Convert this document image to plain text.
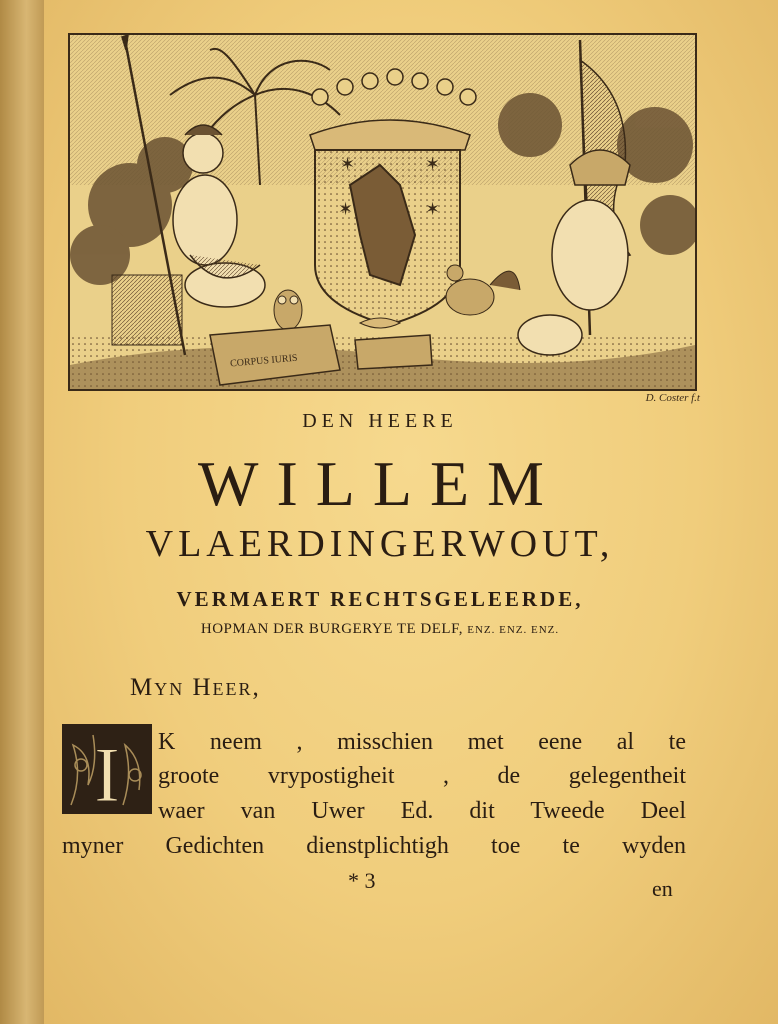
✶	✶
✶	✶
CORPUS IURIS
D. Coster f.t
DEN HEERE
WILLEM
VLAERDINGERWOUT,
VERMAERT RECHTSGELEERDE,
HOPMAN DER BURGERYE TE DELF, ENZ. ENZ. ENZ.
Myn Heer,
I K neem , misschien met eene al te
groote vrypostigheit , de gelegentheit
waer van Uwer Ed. dit Tweede Deel
myner Gedichten dienstplichtigh toe te wyden
* 3	en
